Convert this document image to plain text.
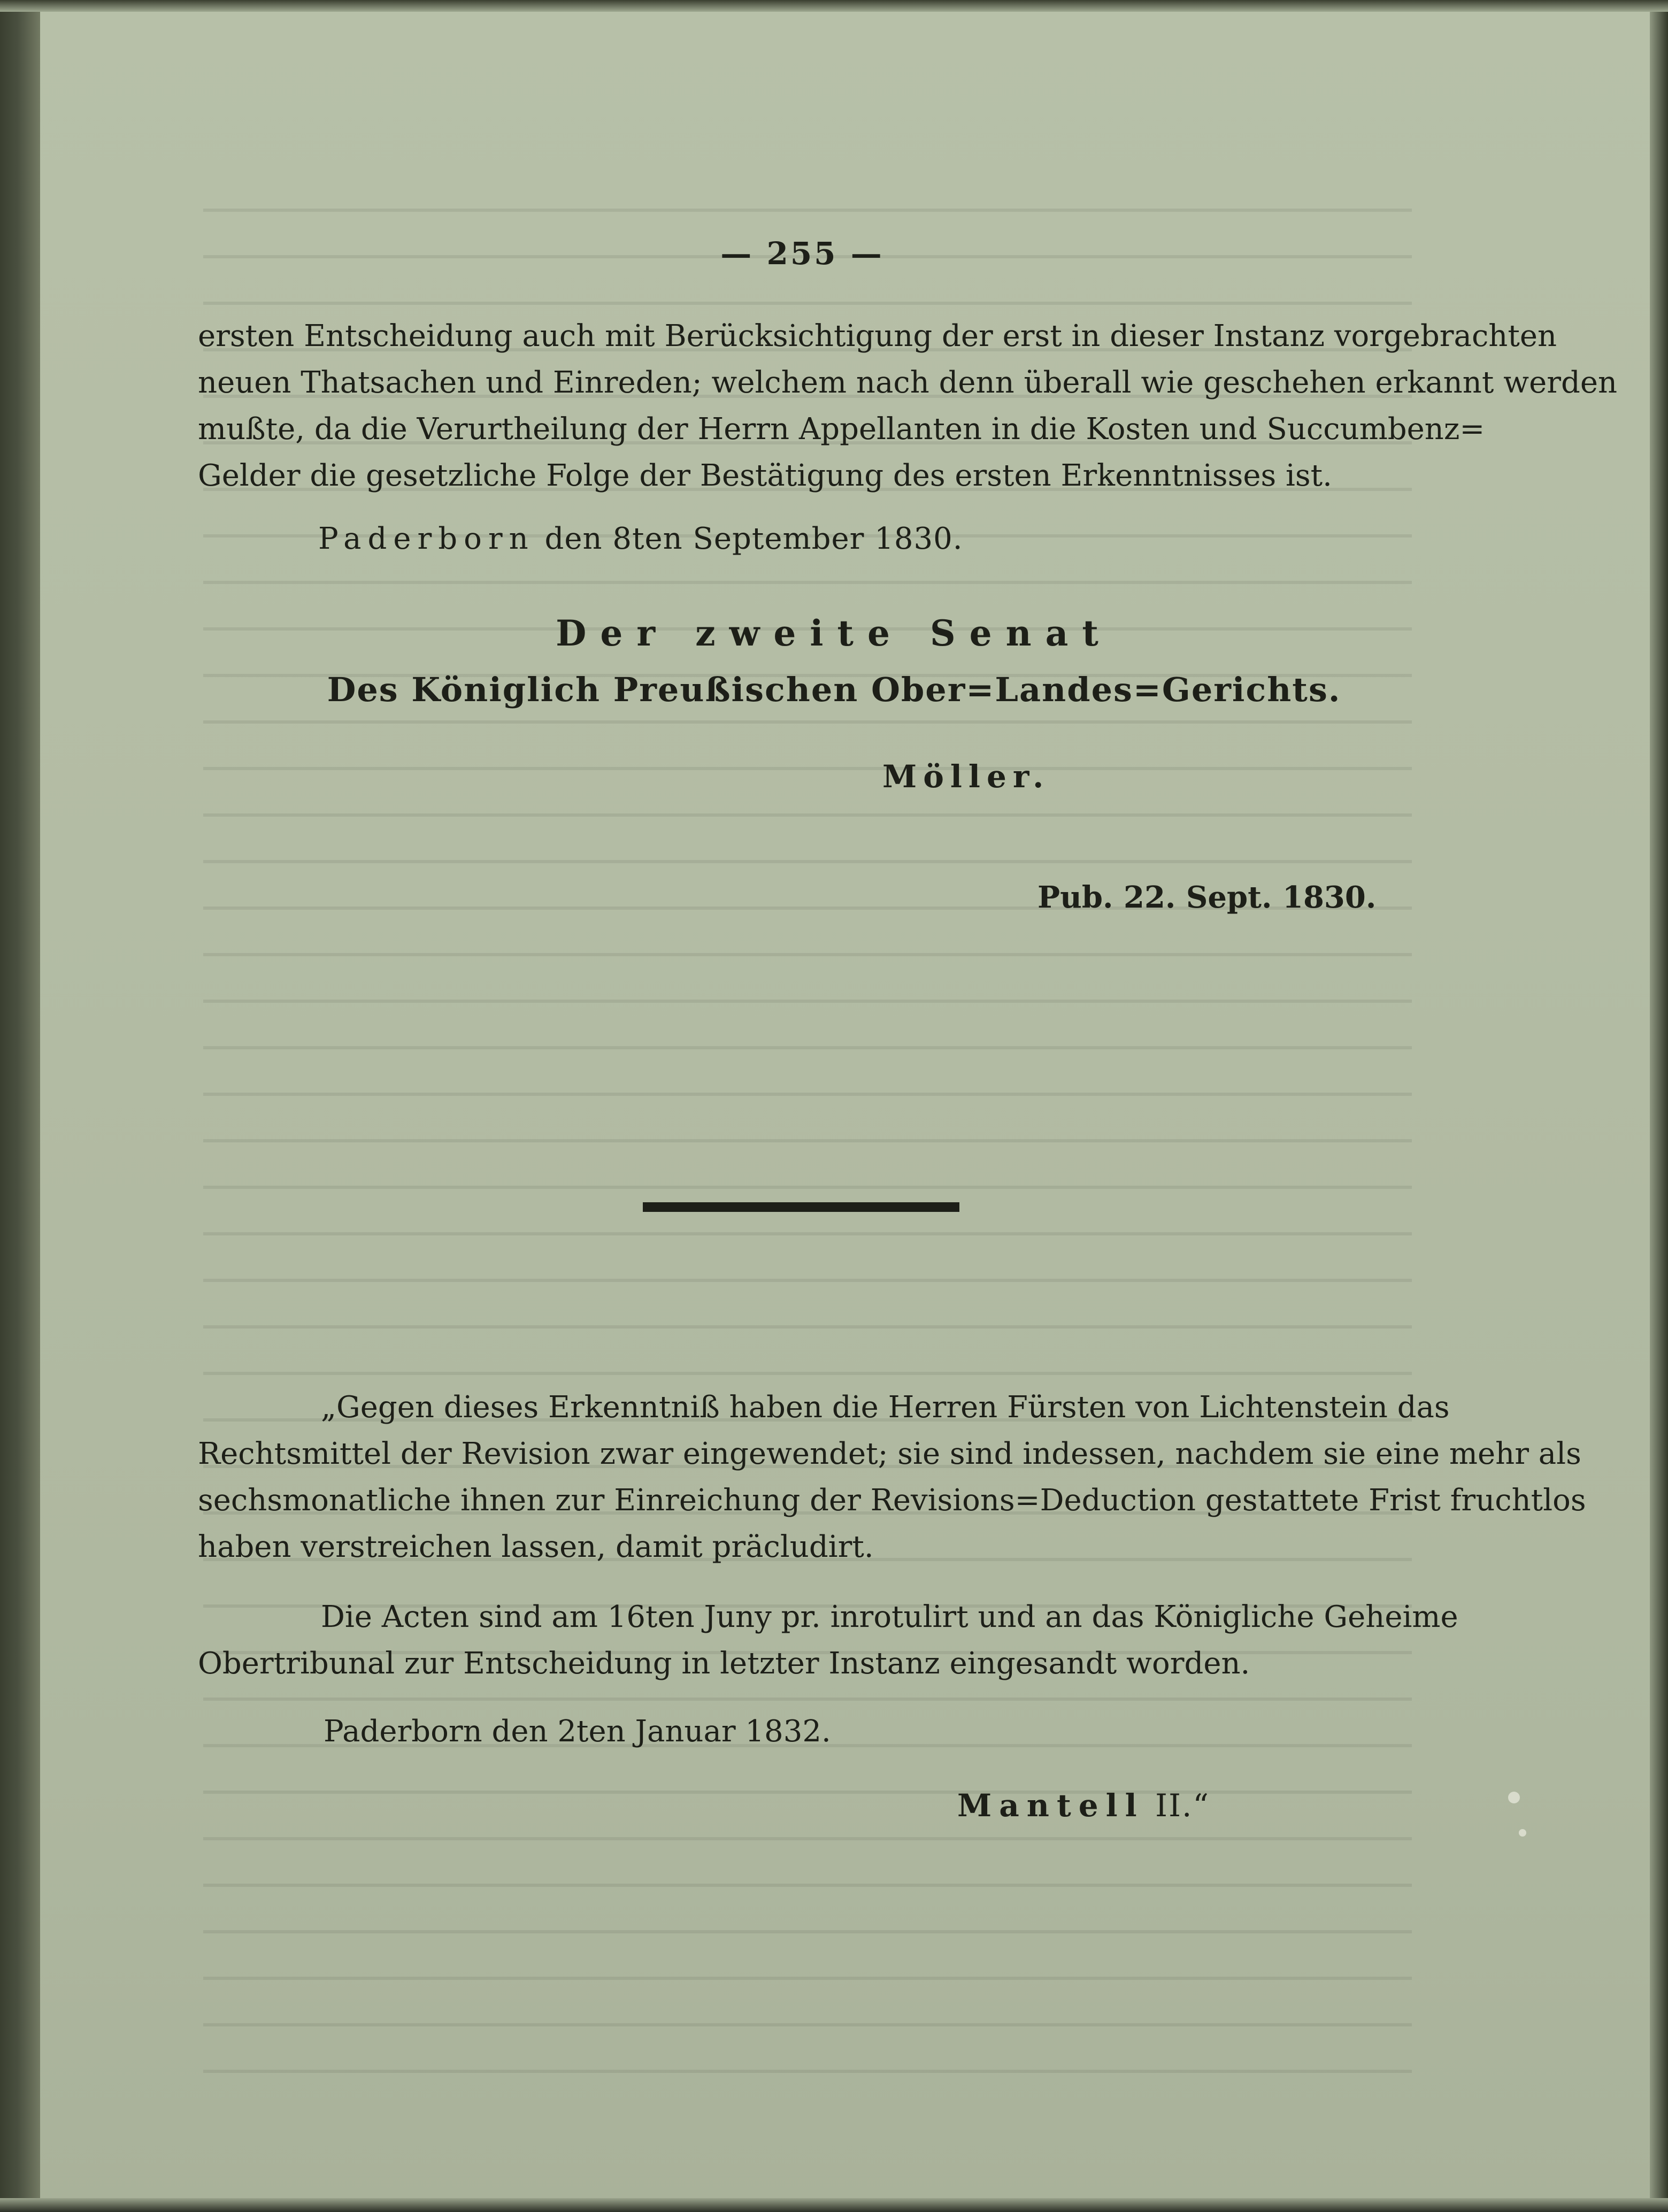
— 255 —
ersten Entscheidung auch mit Berücksichtigung der erst in dieser Instanz vorgebrachten
neuen Thatsachen und Einreden; welchem nach denn überall wie geschehen erkannt werden
mußte, da die Verurtheilung der Herrn Appellanten in die Kosten und Succumbenz=
Gelder die gesetzliche Folge der Bestätigung des ersten Erkenntnisses ist.
Paderborn den 8ten September 1830.
Der zweite Senat
Des Königlich Preußischen Ober=Landes=Gerichts.
Möller.
Pub. 22. Sept. 1830.
„Gegen dieses Erkenntniß haben die Herren Fürsten von Lichtenstein das
Rechtsmittel der Revision zwar eingewendet; sie sind indessen, nachdem sie eine mehr als
sechsmonatliche ihnen zur Einreichung der Revisions=Deduction gestattete Frist fruchtlos
haben verstreichen lassen, damit präcludirt.
Die Acten sind am 16ten Juny pr. inrotulirt und an das Königliche Geheime
Obertribunal zur Entscheidung in letzter Instanz eingesandt worden.
Paderborn den 2ten Januar 1832.
Mantell II.“
